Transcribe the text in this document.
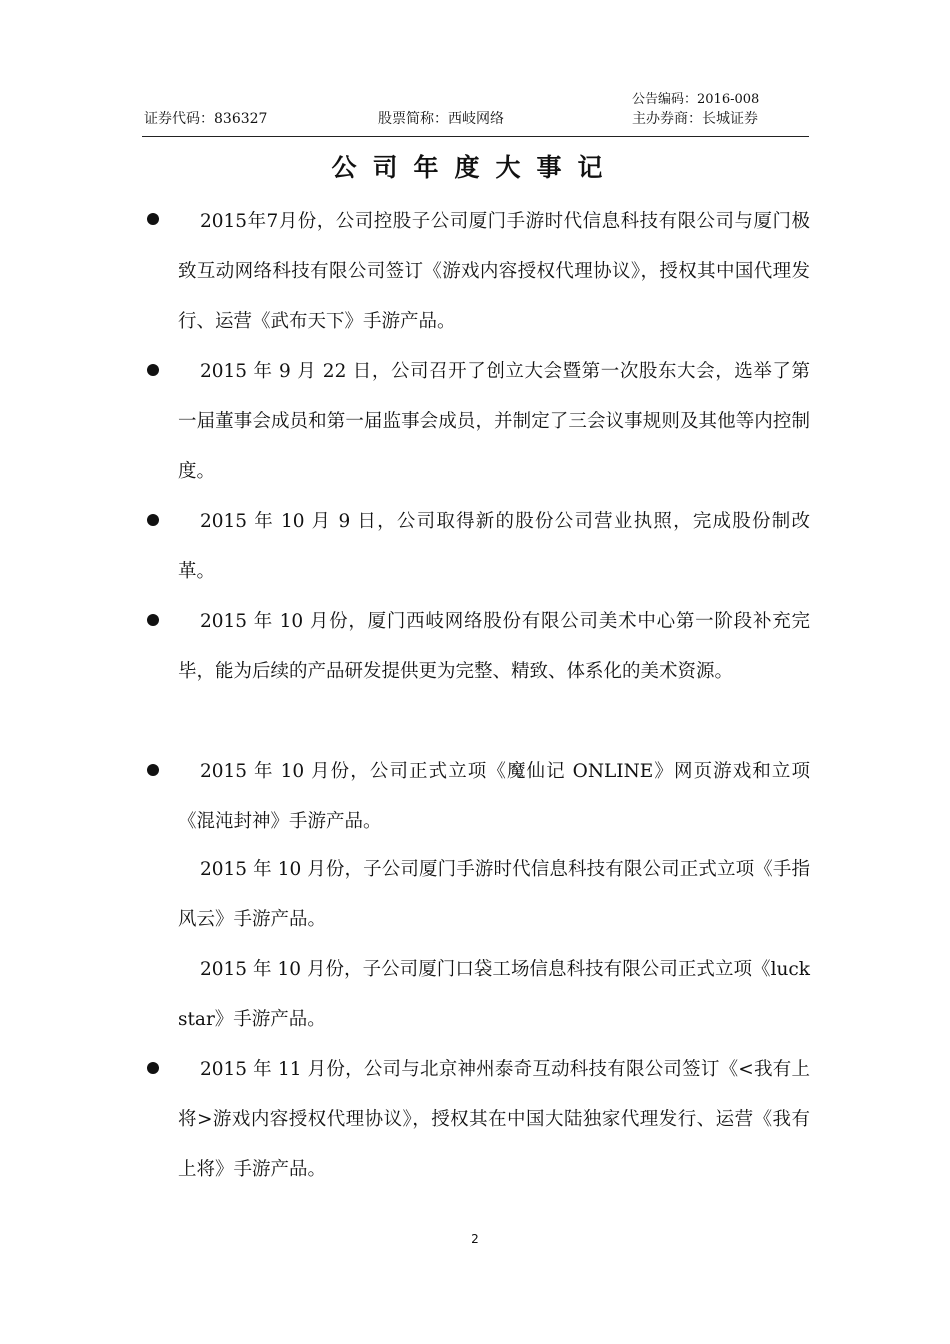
公告编码：2016-008
证券代码：836327	股票简称：西岐网络	主办券商：长城证券
公司年度大事记
2015年7月份，公司控股子公司厦门手游时代信息科技有限公司与厦门极致互动网络科技有限公司签订《游戏内容授权代理协议》，授权其中国代理发行、运营《武布天下》手游产品。
2015 年 9 月 22 日，公司召开了创立大会暨第一次股东大会，选举了第一届董事会成员和第一届监事会成员，并制定了三会议事规则及其他等内控制度。
2015 年 10 月 9 日，公司取得新的股份公司营业执照，完成股份制改革。
2015 年 10 月份，厦门西岐网络股份有限公司美术中心第一阶段补充完毕，能为后续的产品研发提供更为完整、精致、体系化的美术资源。
2015 年 10 月份，公司正式立项《魔仙记 ONLINE》网页游戏和立项《混沌封神》手游产品。
2015 年 10 月份，子公司厦门手游时代信息科技有限公司正式立项《手指风云》手游产品。
2015 年 10 月份，子公司厦门口袋工场信息科技有限公司正式立项《luck star》手游产品。
2015 年 11 月份，公司与北京神州泰奇互动科技有限公司签订《<我有上将>游戏内容授权代理协议》，授权其在中国大陆独家代理发行、运营《我有上将》手游产品。
2
